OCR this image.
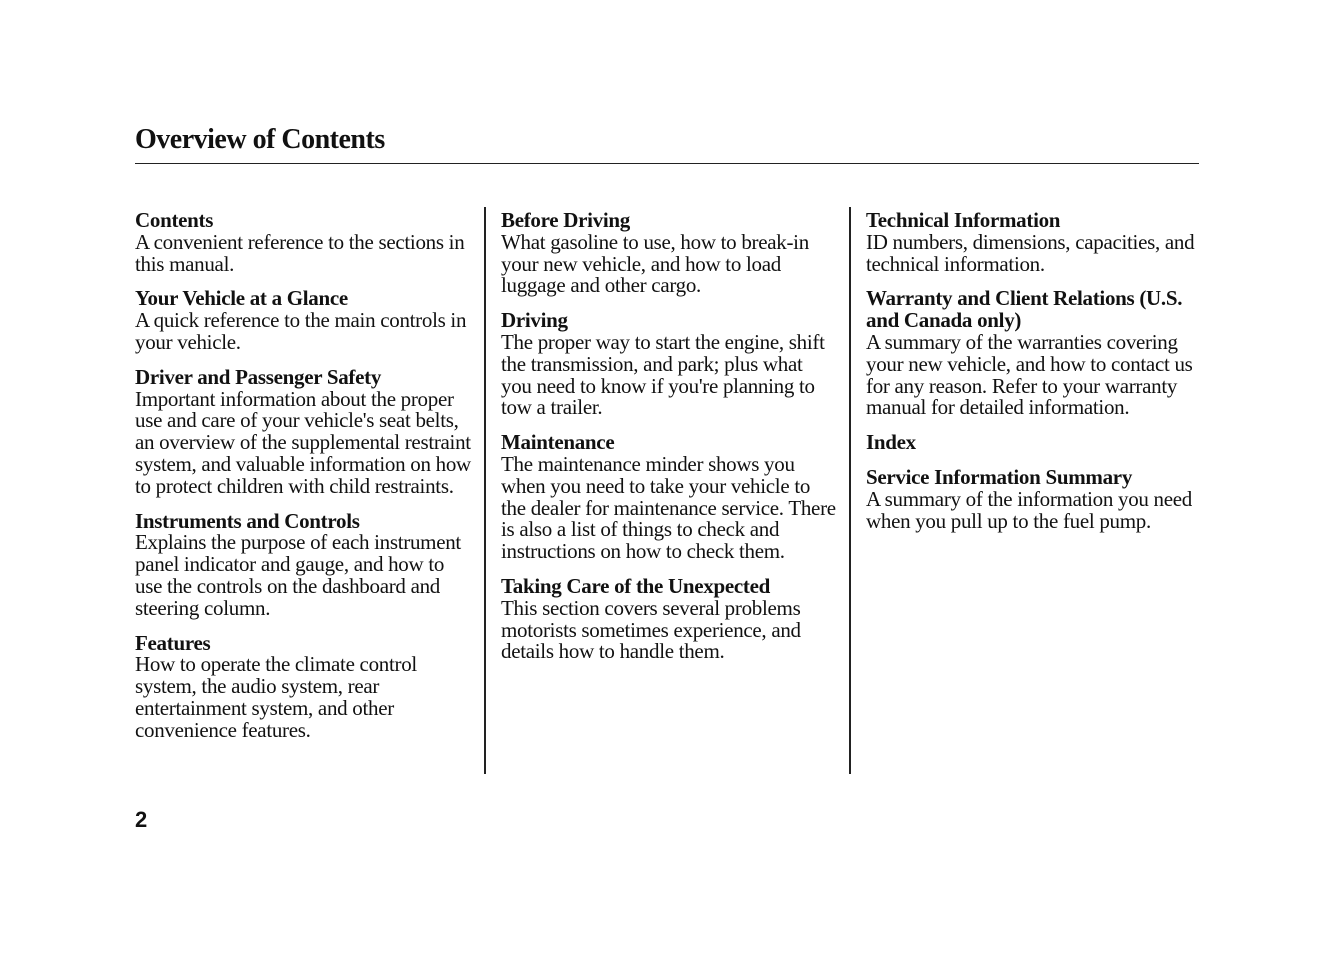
Overview of Contents

Contents

A convenient reference to the sections in this manual.

Your Vehicle at a Glance

A quick reference to the main controls in your vehicle.

Driver and Passenger Safety

Important information about the proper use and care of your vehicle's seat belts, an overview of the supplemental restraint system, and valuable information on how to protect children with child restraints.

Instruments and Controls

Explains the purpose of each instrument panel indicator and gauge, and how to use the controls on the dashboard and steering column.

Features

How to operate the climate control system, the audio system, rear entertainment system, and other convenience features.

Before Driving

What gasoline to use, how to break-in your new vehicle, and how to load luggage and other cargo.

Driving

The proper way to start the engine, shift the transmission, and park; plus what you need to know if you're planning to tow a trailer.

Maintenance

The maintenance minder shows you when you need to take your vehicle to the dealer for maintenance service. There is also a list of things to check and instructions on how to check them.

Taking Care of the Unexpected

This section covers several problems motorists sometimes experience, and details how to handle them.

Technical Information

ID numbers, dimensions, capacities, and technical information.

Warranty and Client Relations (U.S. and Canada only)

A summary of the warranties covering your new vehicle, and how to contact us for any reason. Refer to your warranty manual for detailed information.

Index

Service Information Summary

A summary of the information you need when you pull up to the fuel pump.

2
